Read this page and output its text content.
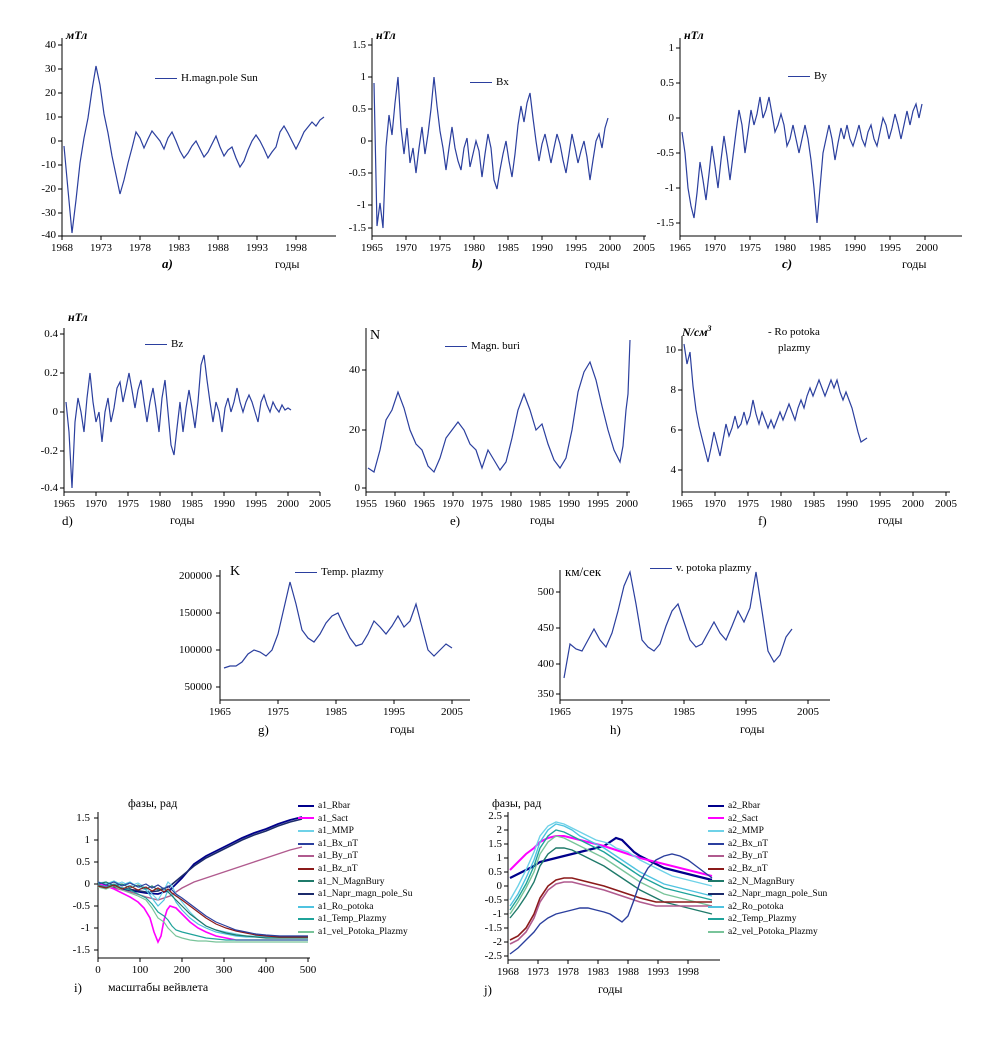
мТл
H.magn.pole Sun
40
30
20
10
0
-10
-20
-30
-40
1968	1973	1978	1983	1988	1993	1998
а)	годы
нТл
Bx
1.5
1
0.5
0
-0.5
-1
-1.5
1965	1970	1975	1980	1985	1990	1995	2000	2005
b)	годы
нТл
By
1
0.5
0
-0.5
-1
-1.5
1965	1970	1975	1980	1985	1990	1995	2000
c)	годы
нТл
Bz
0.4
0.2
0
-0.2
-0.4
1965 1970 1975 1980 1985 1990 1995 2000 2005
d)	годы
N
Magn. buri
40
20
0
1955 1960 1965 1970 1975 1980 1985 1990 1995 2000
e)	годы
$N/см^3$	- Ro potoka
plazmy
10
8
6
4
1965	1970	1975	1980	1985	1990	1995	2000	2005
f)	годы
K	Temp. plazmy
200000
150000
100000
50000
1965	1975	1985	1995	2005
g)	годы
км/сек	v. potoka plazmy
500
450
400
350
1965	1975	1985	1995	2005
h)	годы
фазы, рад
1.5
1
0.5
0
-0.5
-1
-1.5
0	100	200	300	400	500
i) масштабы вейвлета
a1_Rbar
a1_Sact
a1_MMP
a1_Bx_nT
a1_By_nT
a1_Bz_nT
a1_N_MagnBury
a1_Napr_magn_pole_Su
a1_Ro_potoka
a1_Temp_Plazmy
a1_vel_Potoka_Plazmy
фазы, рад
2.5
2
1.5
1
0.5
0
-0.5
-1
-1.5
-2
-2.5
1968 1973 1978 1983 1988 1993 1998
j)	годы
a2_Rbar
a2_Sact
a2_MMP
a2_Bx_nT
a2_By_nT
a2_Bz_nT
a2_N_MagnBury
a2_Napr_magn_pole_Sun
a2_Ro_potoka
a2_Temp_Plazmy
a2_vel_Potoka_Plazmy
